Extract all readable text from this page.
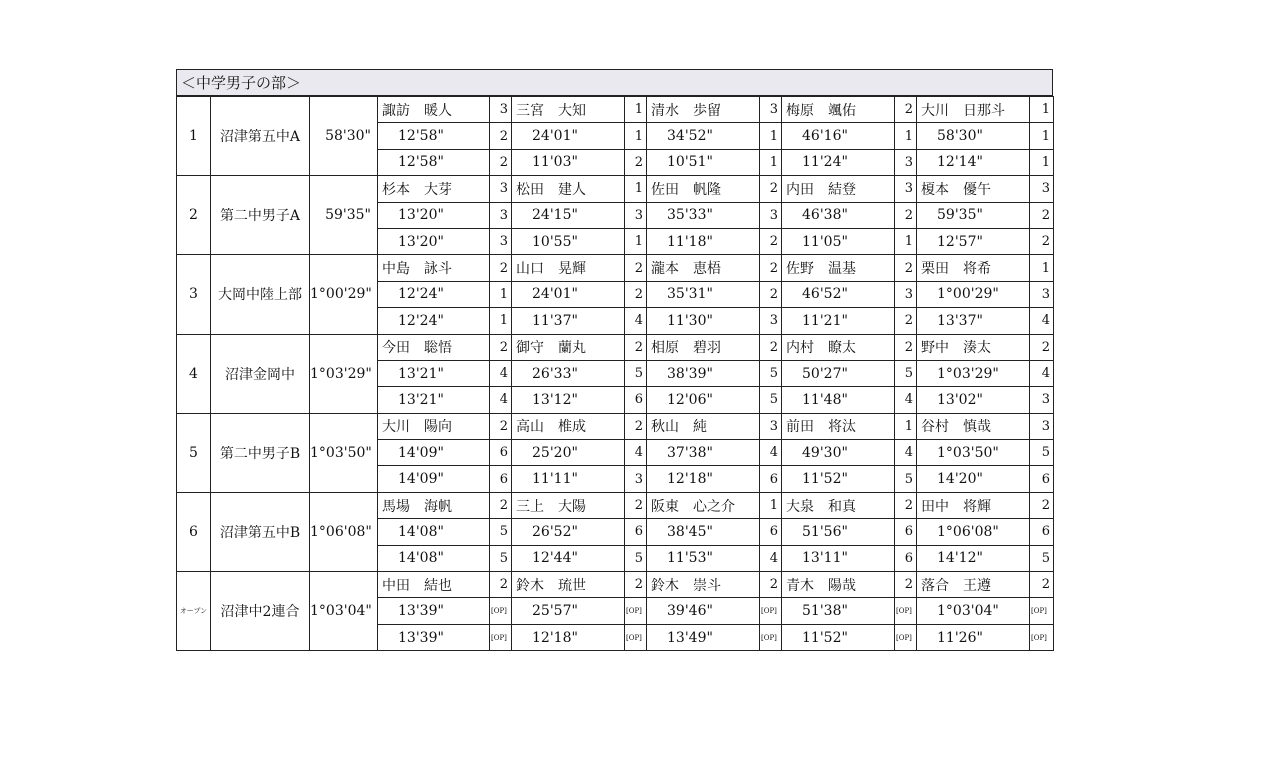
＜中学男子の部＞
1	沼津第五中A	58'30"	諏訪　暖人	3	三宮　大知	1	清水　歩留	3	梅原　颯佑	2	大川　日那斗	1
			12'58"	2	24'01"	1	34'52"	1	46'16"	1	58'30"	1
			12'58"	2	11'03"	2	10'51"	1	11'24"	3	12'14"	1
2	第二中男子A	59'35"	杉本　大芽	3	松田　建人	1	佐田　帆隆	2	内田　結登	3	榎本　優午	3
			13'20"	3	24'15"	3	35'33"	3	46'38"	2	59'35"	2
			13'20"	3	10'55"	1	11'18"	2	11'05"	1	12'57"	2
3	大岡中陸上部	1°00'29"	中島　詠斗	2	山口　晃輝	2	瀧本　恵梧	2	佐野　温基	2	栗田　将希	1
			12'24"	1	24'01"	2	35'31"	2	46'52"	3	1°00'29"	3
			12'24"	1	11'37"	4	11'30"	3	11'21"	2	13'37"	4
4	沼津金岡中	1°03'29"	今田　聡悟	2	御守　蘭丸	2	相原　碧羽	2	内村　瞭太	2	野中　湊太	2
			13'21"	4	26'33"	5	38'39"	5	50'27"	5	1°03'29"	4
			13'21"	4	13'12"	6	12'06"	5	11'48"	4	13'02"	3
5	第二中男子B	1°03'50"	大川　陽向	2	高山　椎成	2	秋山　純	3	前田　将汰	1	谷村　慎哉	3
			14'09"	6	25'20"	4	37'38"	4	49'30"	4	1°03'50"	5
			14'09"	6	11'11"	3	12'18"	6	11'52"	5	14'20"	6
6	沼津第五中B	1°06'08"	馬場　海帆	2	三上　大陽	2	阪東　心之介	1	大泉　和真	2	田中　将輝	2
			14'08"	5	26'52"	6	38'45"	6	51'56"	6	1°06'08"	6
			14'08"	5	12'44"	5	11'53"	4	13'11"	6	14'12"	5
オープン	沼津中2連合	1°03'04"	中田　結也	2	鈴木　琉世	2	鈴木　崇斗	2	青木　陽哉	2	落合　王遵	2
			13'39"	[OP]	25'57"	[OP]	39'46"	[OP]	51'38"	[OP]	1°03'04"	[OP]
			13'39"	[OP]	12'18"	[OP]	13'49"	[OP]	11'52"	[OP]	11'26"	[OP]
